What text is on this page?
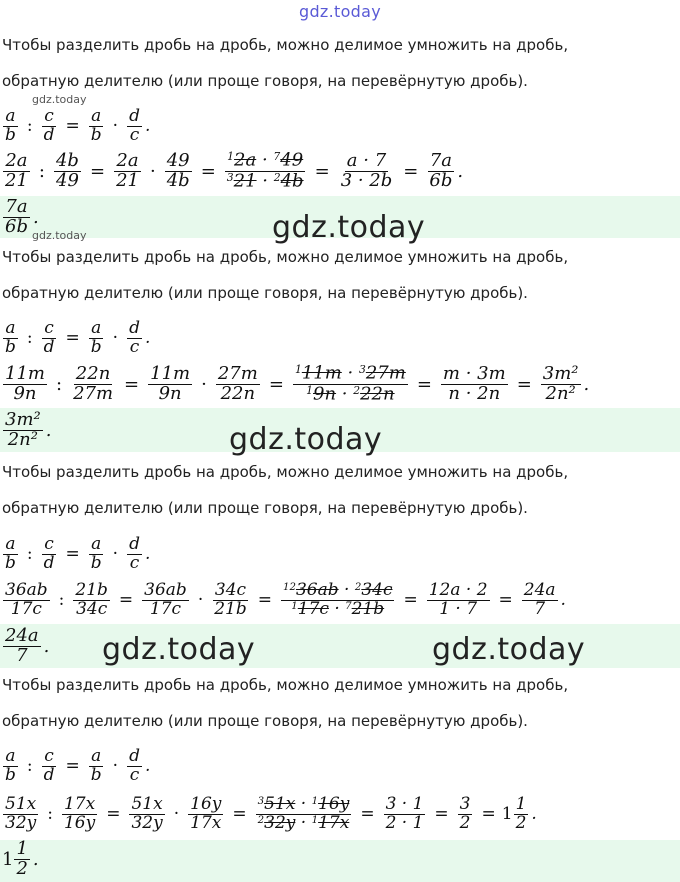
gdz.today
Чтобы разделить дробь на дробь, можно делимое умножить на дробь,
обратную делителю (или проще говоря, на перевёрнутую дробь).
gdz.today
a
b : $\frac{c}{d} = \frac{a}{b}$ ·
d
c .
2a
21 : $\frac{4b}{49} = \frac{2a}{21} \cdot \frac{49}{4b} = \frac{^12a \cdot ^749}{^321 \cdot ^24b} = \frac{a \cdot 7}{3 \cdot 2b} = \frac{7a}{6b}$ .
7a
6b .
gdz.today	gdz.today
Чтобы разделить дробь на дробь, можно делимое умножить на дробь,
обратную делителю (или проще говоря, на перевёрнутую дробь).
a
b : $\frac{c}{d} = \frac{a}{b}$ ·
d
c .
11m
9n : $\frac{22n}{27m} = \frac{11m}{9n} \cdot \frac{27m}{22n} = \frac{^111m \cdot ^327m}{^19n \cdot ^222n} = \frac{m \cdot 3m}{n \cdot 2n} = \frac{\text{3m²}}{\text{2n²}}$ .
3m²
2n² .	gdz.today
Чтобы разделить дробь на дробь, можно делимое умножить на дробь,
обратную делителю (или проще говоря, на перевёрнутую дробь).
a
b : $\frac{c}{d} = \frac{a}{b}$ ·
d
c .
36ab
17c : $\frac{21b}{34c} = \frac{36ab}{17c} \cdot \frac{34c}{21b} = \frac{^{12}36ab \cdot ^234c}{^117c \cdot ^721b} = \frac{12a \cdot 2}{1 \cdot 7} = \frac{24a}{7}$ .
24a
7 . gdz.today	gdz.today
Чтобы разделить дробь на дробь, можно делимое умножить на дробь,
обратную делителю (или проще говоря, на перевёрнутую дробь).
a
b : $\frac{c}{d} = \frac{a}{b}$ ·
d
c .
51x
32y : $\frac{17x}{16y} = \frac{51x}{32y} \cdot \frac{16y}{17x} = \frac{^351x \cdot ^116y}{^232y \cdot ^117x} = \frac{3 \cdot 1}{2 \cdot 1} = \frac{3}{2} = 1$
1
2 .
1
1
2 .
